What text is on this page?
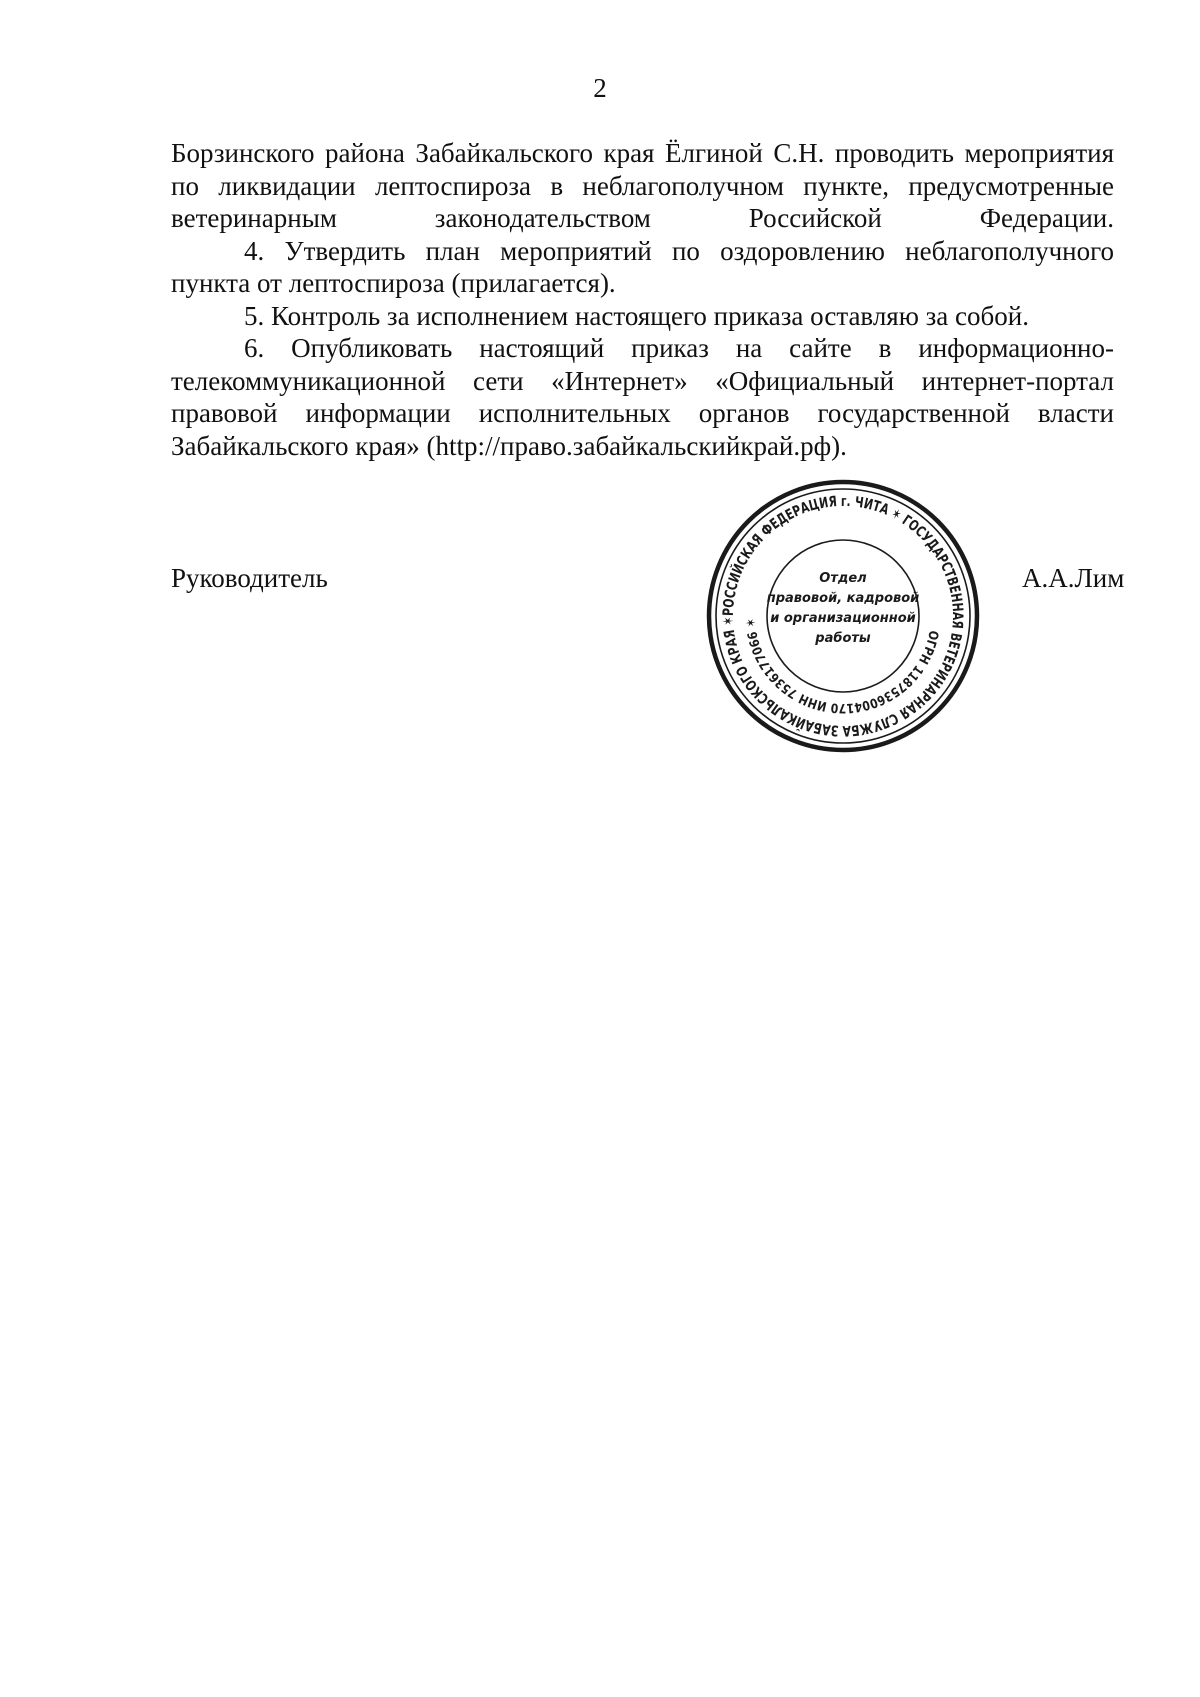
2

Борзинского района Забайкальского края Ёлгиной С.Н. проводить мероприятия по ликвидации лептоспироза в неблагополучном пункте, предусмотренные ветеринарным законодательством Российской Федерации.

4. Утвердить план мероприятий по оздоровлению неблагополучного пункта от лептоспироза (прилагается).

5. Контроль за исполнением настоящего приказа оставляю за собой.

6. Опубликовать настоящий приказ на сайте в информационно-телекоммуникационной сети «Интернет» «Официальный интернет-портал правовой информации исполнительных органов государственной власти Забайкальского края» (http://право.забайкальскийкрай.рф).

Руководитель	А.А.Лим
РОССИЙСКАЯ ФЕДЕРАЦИЯ г. ЧИТА ✶ ГОСУДАРСТВЕННАЯ ВЕТЕРИНАРНАЯ СЛУЖБА ЗАБАЙКАЛЬСКОГО КРАЯ ✶
ОГРН 1187536004170 ИНН 7536177066 ✶
Отдел
правовой, кадровой
и организационной
работы
